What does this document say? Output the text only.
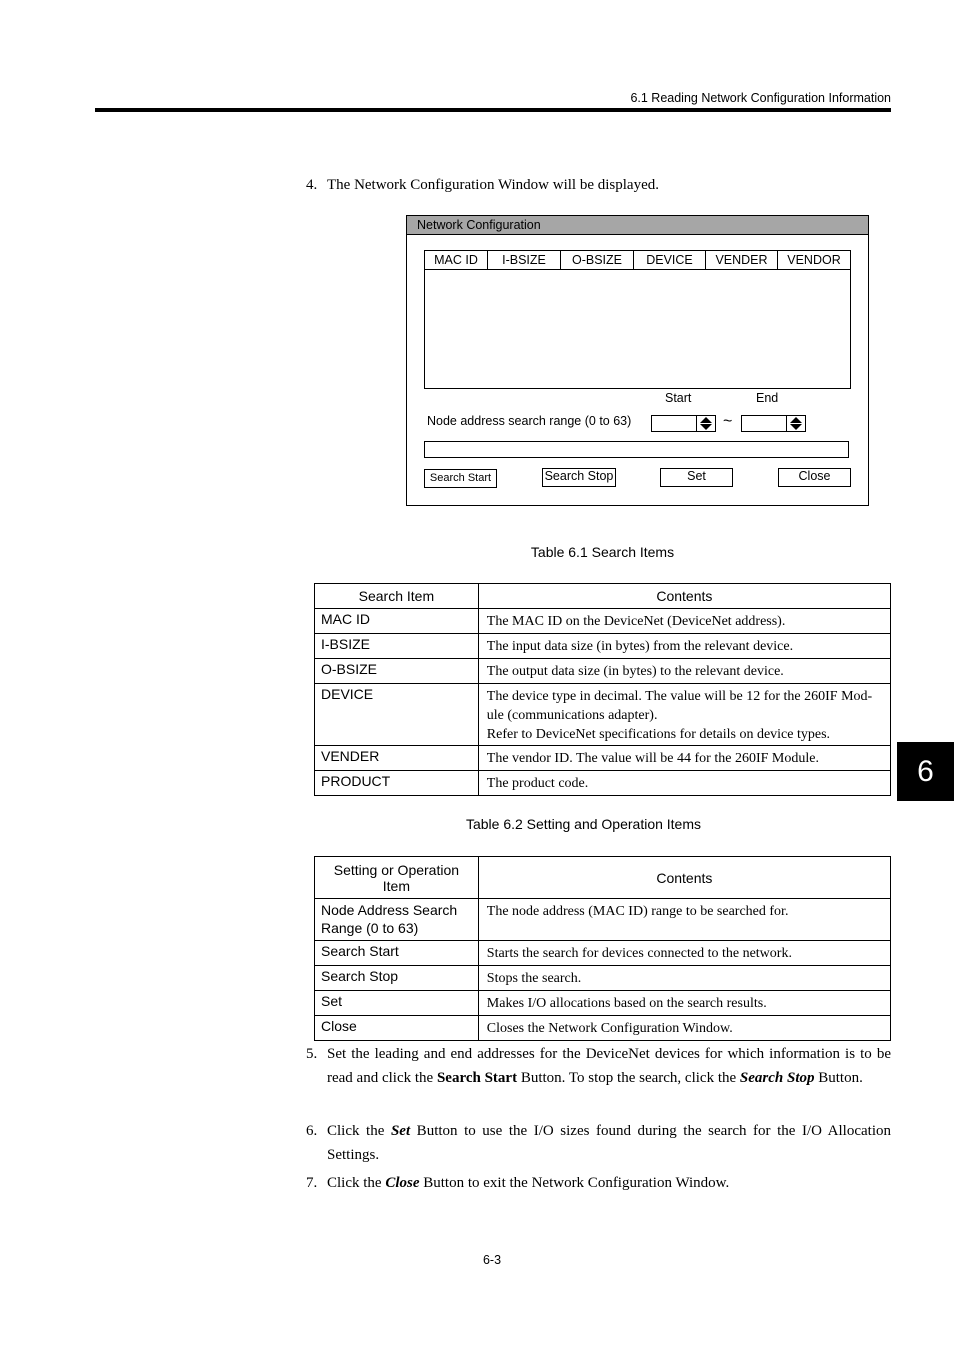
6.1 Reading Network Configuration Information
4. The Network Configuration Window will be displayed.
Network Configuration
MAC ID	I-BSIZE	O-BSIZE	DEVICE	VENDER	VENDOR
Start	End
Node address search range (0 to 63)	~
Search Start	Search Stop	Set	Close
Table 6.1 Search Items
Search Item	Contents
MAC ID	The MAC ID on the DeviceNet (DeviceNet address).
I-BSIZE	The input data size (in bytes) from the relevant device.
O-BSIZE	The output data size (in bytes) to the relevant device.
DEVICE	The device type in decimal. The value will be 12 for the 260IF Mod-
ule (communications adapter).
Refer to DeviceNet specifications for details on device types.

VENDER	The vendor ID. The value will be 44 for the 260IF Module.
PRODUCT	The product code.
Table 6.2 Setting and Operation Items
Setting or Operation Item	Contents
Node Address Search Range (0 to 63)	The node address (MAC ID) range to be searched for.
Search Start	Starts the search for devices connected to the network.
Search Stop	Stops the search.
Set	Makes I/O allocations based on the search results.
Close	Closes the Network Configuration Window.
5. Set the leading and end addresses for the DeviceNet devices for which information is to be read and click the Search Start Button. To stop the search, click the Search Stop Button.
6. Click the Set Button to use the I/O sizes found during the search for the I/O Allocation Settings.
7. Click the Close Button to exit the Network Configuration Window.
6
6-3
